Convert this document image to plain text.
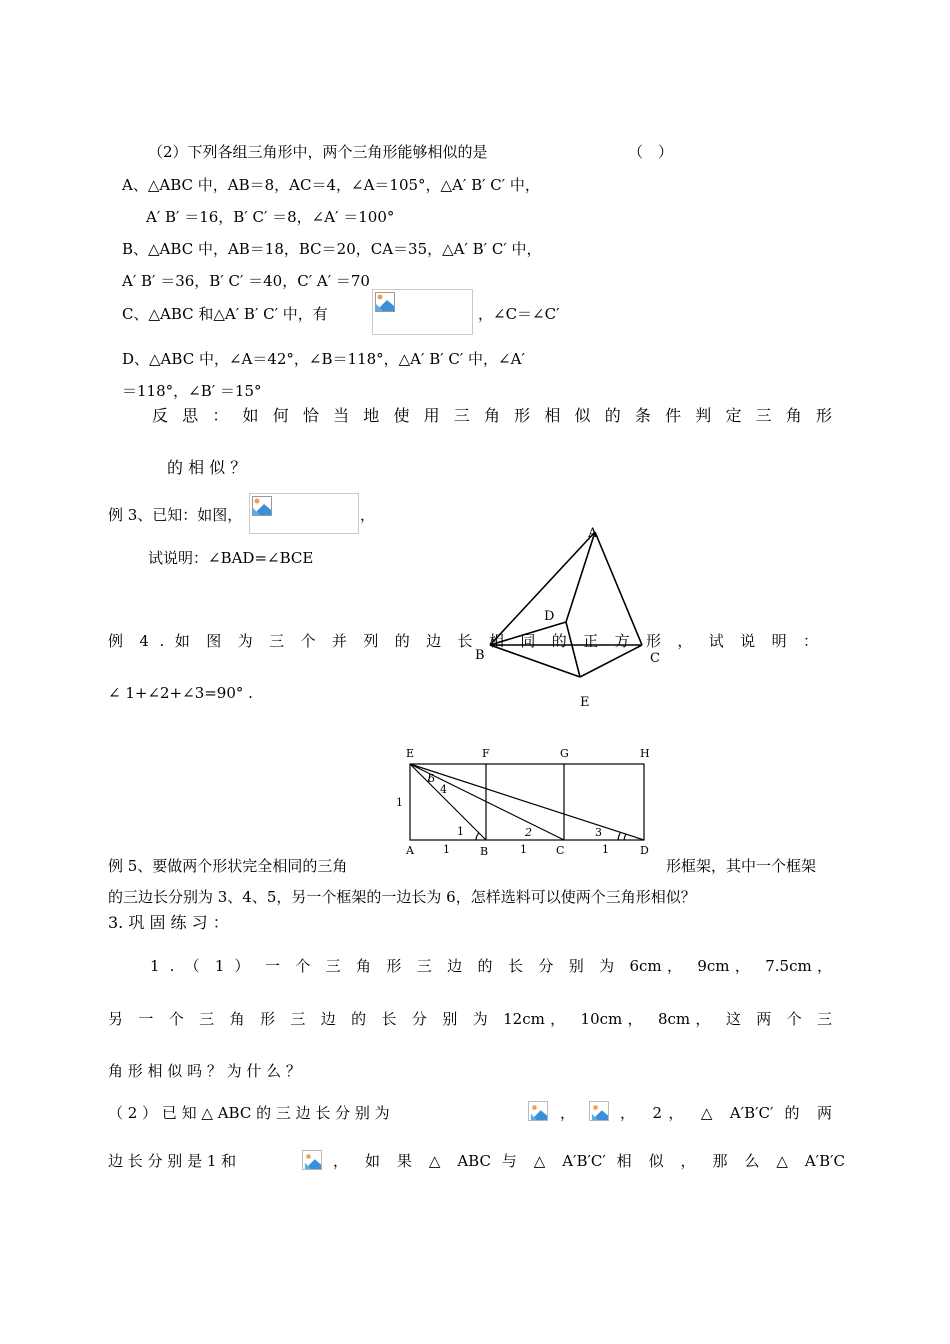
（2）下列各组三角形中，两个三角形能够相似的是	（　）
A、△ABC 中，AB＝8，AC＝4，∠A＝105°，△A′ B′ C′ 中，
A′ B′ ＝16，B′ C′ ＝8，∠A′ ＝100°
B、△ABC 中，AB＝18，BC＝20，CA＝35，△A′ B′ C′ 中，
A′ B′ ＝36，B′ C′ ＝40，C′ A′ ＝70
C、△ABC 和△A′ B′ C′ 中，有	，∠C＝∠C′
D、△ABC 中，∠A＝42°，∠B＝118°，△A′ B′ C′ 中，∠A′
＝118°，∠B′ ＝15°
反 思 ： 如 何 恰 当 地 使 用 三 角 形 相 似 的 条 件 判 定 三 角 形
的 相 似 ？
例 3、已知：如图，	，
试说明：∠BAD=∠BCE
A
B	C
D
E
例 4 . 如 图 为 三 个 并 列 的 边 长 相 同 的 正 方 形 ， 试 说 明 ：
∠ 1+∠2+∠3=90° .
E	F	G	H
A	B	C	D
1
1	1	1
1	2	3
5
4
例 5、要做两个形状完全相同的三角	形框架，其中一个框架
的三边长分别为 3、4、5，另一个框架的一边长为 6，怎样选料可以使两个三角形相似？
3. 巩 固 练 习 ：
1 . （ 1 ） 一 个 三 角 形 三 边 的 长 分 别 为 6cm， 9cm， 7.5cm，
另 一 个 三 角 形 三 边 的 长 分 别 为 12cm， 10cm， 8cm， 这 两 个 三
角 形 相 似 吗 ？ 为 什 么 ？
（ 2 ） 已 知 △ ABC 的 三 边 长 分 别 为	，	， 2， △ A′B′C′ 的 两
边 长 分 别 是 1 和	， 如 果 △ ABC 与 △ A′B′C′ 相 似 ， 那 么 △ A′B′C
